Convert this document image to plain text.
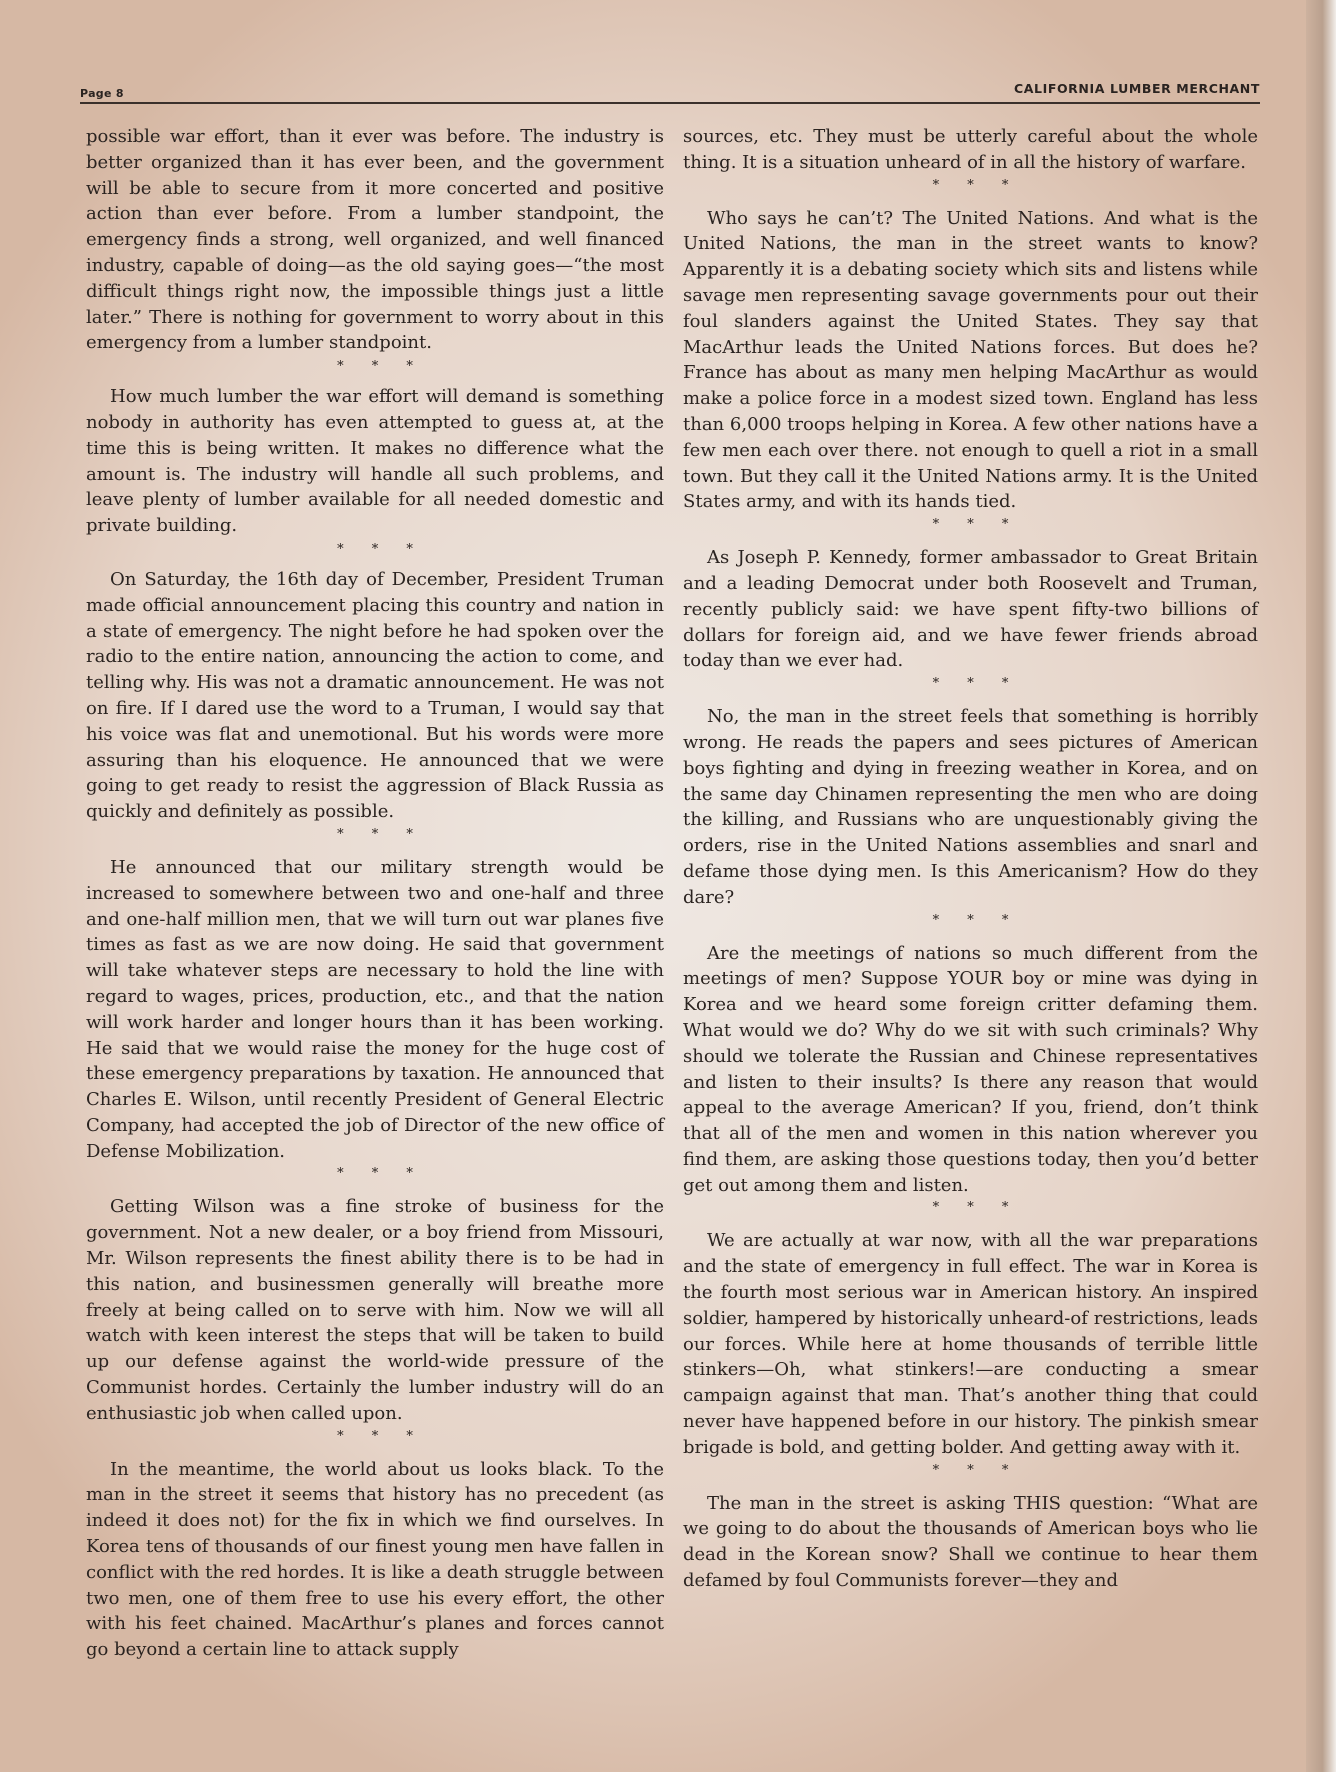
Page 8	CALIFORNIA LUMBER MERCHANT

possible war effort, than it ever was before. The industry is better organized than it has ever been, and the government will be able to secure from it more concerted and positive action than ever before. From a lumber standpoint, the emergency finds a strong, well organized, and well financed industry, capable of doing—as the old saying goes—“the most difficult things right now, the impossible things just a little later.” There is nothing for government to worry about in this emergency from a lumber standpoint.

* * *

How much lumber the war effort will demand is something nobody in authority has even attempted to guess at, at the time this is being written. It makes no difference what the amount is. The industry will handle all such problems, and leave plenty of lumber available for all needed domestic and private building.

* * *

On Saturday, the 16th day of December, President Truman made official announcement placing this country and nation in a state of emergency. The night before he had spoken over the radio to the entire nation, announcing the action to come, and telling why. His was not a dramatic announcement. He was not on fire. If I dared use the word to a Truman, I would say that his voice was flat and unemotional. But his words were more assuring than his eloquence. He announced that we were going to get ready to resist the aggression of Black Russia as quickly and definitely as possible.

* * *

He announced that our military strength would be increased to somewhere between two and one-half and three and one-half million men, that we will turn out war planes five times as fast as we are now doing. He said that government will take whatever steps are necessary to hold the line with regard to wages, prices, production, etc., and that the nation will work harder and longer hours than it has been working. He said that we would raise the money for the huge cost of these emergency preparations by taxation. He announced that Charles E. Wilson, until recently President of General Electric Company, had accepted the job of Director of the new office of Defense Mobilization.

* * *

Getting Wilson was a fine stroke of business for the government. Not a new dealer, or a boy friend from Missouri, Mr. Wilson represents the finest ability there is to be had in this nation, and businessmen generally will breathe more freely at being called on to serve with him. Now we will all watch with keen interest the steps that will be taken to build up our defense against the world-wide pressure of the Communist hordes. Certainly the lumber industry will do an enthusiastic job when called upon.

* * *

In the meantime, the world about us looks black. To the man in the street it seems that history has no precedent (as indeed it does not) for the fix in which we find ourselves. In Korea tens of thousands of our finest young men have fallen in conflict with the red hordes. It is like a death struggle between two men, one of them free to use his every effort, the other with his feet chained. MacArthur’s planes and forces cannot go beyond a certain line to attack supply

sources, etc. They must be utterly careful about the whole thing. It is a situation unheard of in all the history of warfare.

* * *

Who says he can’t? The United Nations. And what is the United Nations, the man in the street wants to know? Apparently it is a debating society which sits and listens while savage men representing savage governments pour out their foul slanders against the United States. They say that MacArthur leads the United Nations forces. But does he? France has about as many men helping MacArthur as would make a police force in a modest sized town. England has less than 6,000 troops helping in Korea. A few other nations have a few men each over there. not enough to quell a riot in a small town. But they call it the United Nations army. It is the United States army, and with its hands tied.

* * *

As Joseph P. Kennedy, former ambassador to Great Britain and a leading Democrat under both Roosevelt and Truman, recently publicly said: we have spent fifty-two billions of dollars for foreign aid, and we have fewer friends abroad today than we ever had.

* * *

No, the man in the street feels that something is horribly wrong. He reads the papers and sees pictures of American boys fighting and dying in freezing weather in Korea, and on the same day Chinamen representing the men who are doing the killing, and Russians who are unquestionably giving the orders, rise in the United Nations assemblies and snarl and defame those dying men. Is this Americanism? How do they dare?

* * *

Are the meetings of nations so much different from the meetings of men? Suppose YOUR boy or mine was dying in Korea and we heard some foreign critter defaming them. What would we do? Why do we sit with such criminals? Why should we tolerate the Russian and Chinese representatives and listen to their insults? Is there any reason that would appeal to the average American? If you, friend, don’t think that all of the men and women in this nation wherever you find them, are asking those questions today, then you’d better get out among them and listen.

* * *

We are actually at war now, with all the war preparations and the state of emergency in full effect. The war in Korea is the fourth most serious war in American history. An inspired soldier, hampered by historically unheard-of restrictions, leads our forces. While here at home thousands of terrible little stinkers—Oh, what stinkers!—are conducting a smear campaign against that man. That’s another thing that could never have happened before in our history. The pinkish smear brigade is bold, and getting bolder. And getting away with it.

* * *

The man in the street is asking THIS question: “What are we going to do about the thousands of American boys who lie dead in the Korean snow? Shall we continue to hear them defamed by foul Communists forever—they and
